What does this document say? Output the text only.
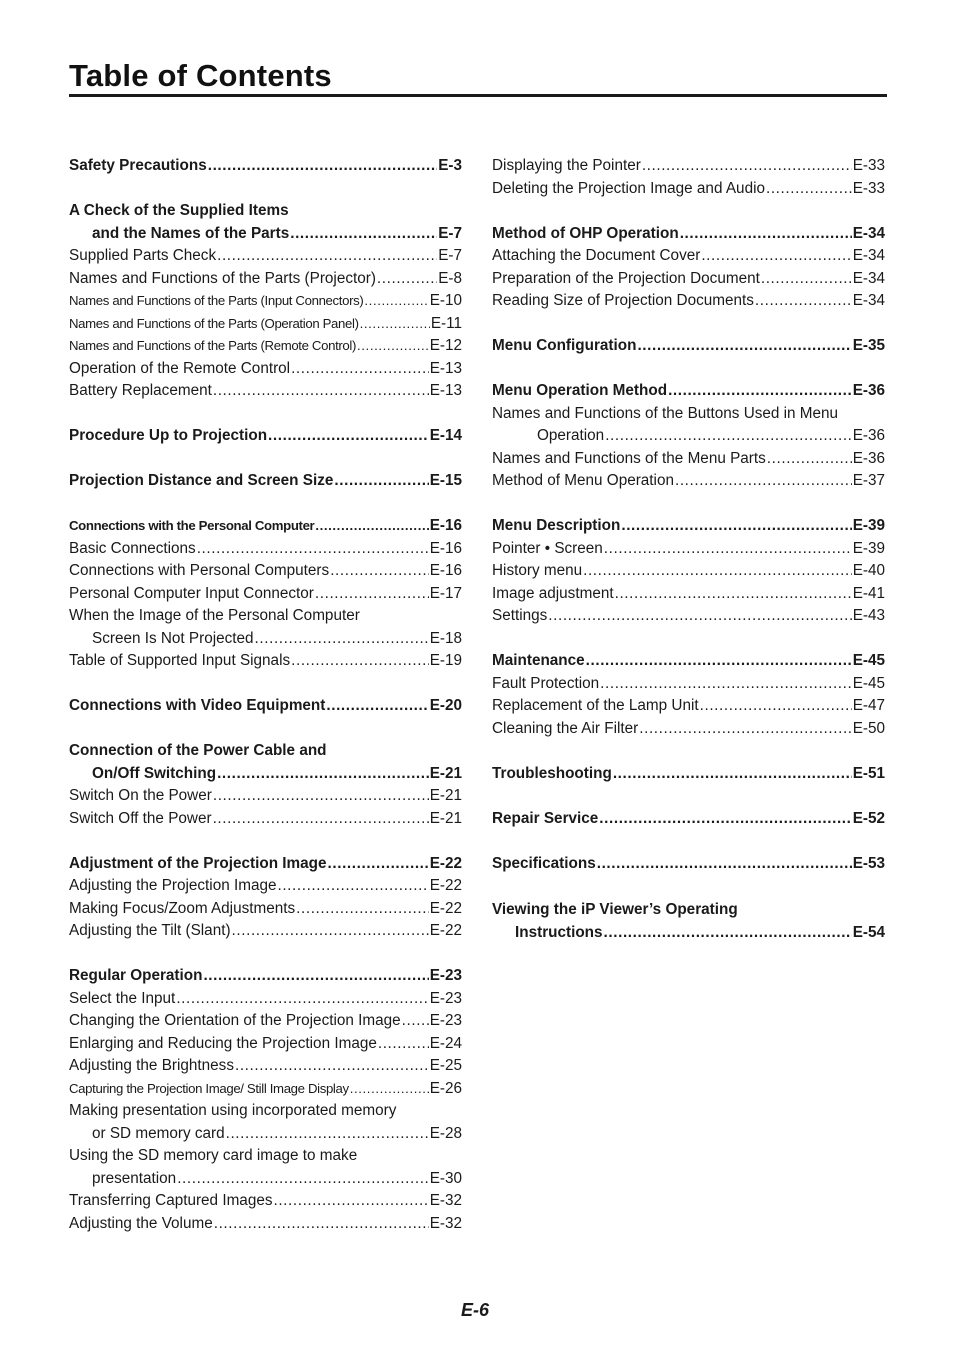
Table of Contents
Safety Precautions .....	E-3
A Check of the Supplied Items
and the Names of the Parts .....	E-7
Supplied Parts Check .....	E-7
Names and Functions of the Parts (Projector) .....	E-8
Names and Functions of the Parts (Input Connectors) .....	E-10
Names and Functions of the Parts (Operation Panel) .....	E-11
Names and Functions of the Parts (Remote Control) .....	E-12
Operation of the Remote Control .....	E-13
Battery Replacement .....	E-13
Procedure Up to Projection .....	E-14
Projection Distance and Screen Size .....	E-15
Connections with the Personal Computer .....	E-16
Basic Connections .....	E-16
Connections with Personal Computers .....	E-16
Personal Computer Input Connector .....	E-17
When the Image of the Personal Computer
Screen Is Not Projected .....	E-18
Table of Supported Input Signals .....	E-19
Connections with Video Equipment .....	E-20
Connection of the Power Cable and
On/Off Switching .....	E-21
Switch On the Power .....	E-21
Switch Off the Power .....	E-21
Adjustment of the Projection Image .....	E-22
Adjusting the Projection Image .....	E-22
Making Focus/Zoom Adjustments .....	E-22
Adjusting the Tilt (Slant) .....	E-22
Regular Operation .....	E-23
Select the Input .....	E-23
Changing the Orientation of the Projection Image ..... E-23
Enlarging and Reducing the Projection Image .....	E-24
Adjusting the Brightness .....	E-25
Capturing the Projection Image/ Still Image Display .....	E-26
Making presentation using incorporated memory
or SD memory card .....	E-28
Using the SD memory card image to make
presentation .....	E-30
Transferring Captured Images .....	E-32
Adjusting the Volume .....	E-32
Displaying the Pointer .....	E-33
Deleting the Projection Image and Audio .....	E-33
Method of OHP Operation .....	E-34
Attaching the Document Cover .....	E-34
Preparation of the Projection Document .....	E-34
Reading Size of Projection Documents .....	E-34
Menu Configuration .....	E-35
Menu Operation Method .....	E-36
Names and Functions of the Buttons Used in Menu
Operation .....	E-36
Names and Functions of the Menu Parts .....	E-36
Method of Menu Operation .....	E-37
Menu Description .....	E-39
Pointer • Screen .....	E-39
History menu .....	E-40
Image adjustment .....	E-41
Settings .....	E-43
Maintenance .....	E-45
Fault Protection .....	E-45
Replacement of the Lamp Unit .....	E-47
Cleaning the Air Filter .....	E-50
Troubleshooting .....	E-51
Repair Service .....	E-52
Specifications .....	E-53
Viewing the iP Viewer’s Operating
Instructions .....	E-54
E-6
